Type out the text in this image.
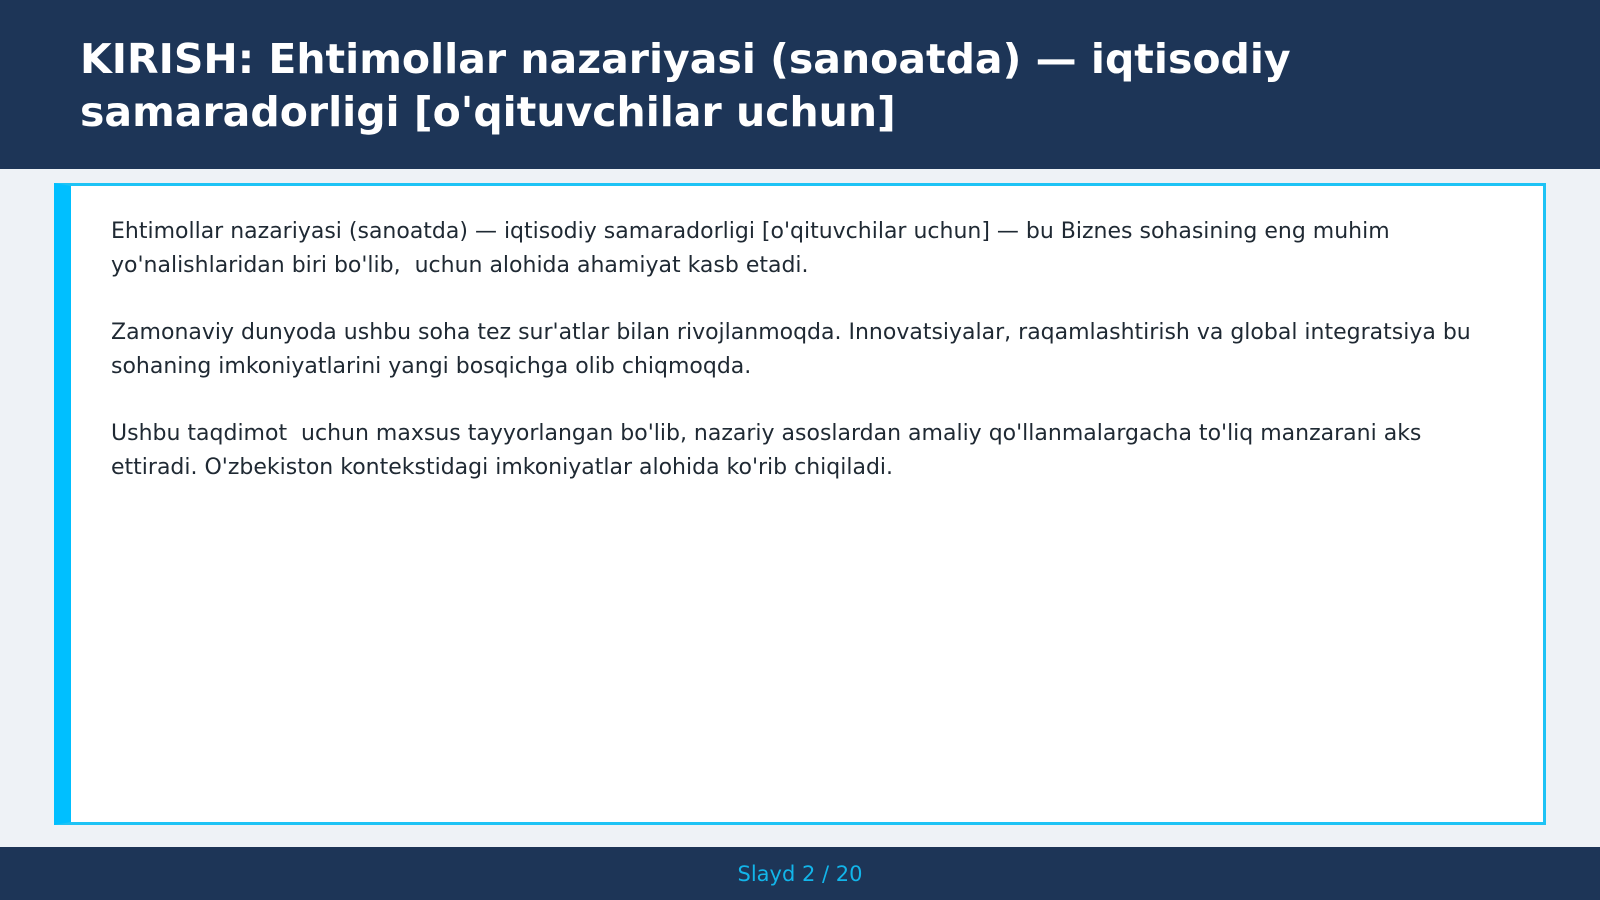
KIRISH: Ehtimollar nazariyasi (sanoatda) — iqtisodiy samaradorligi [o'qituvchilar uchun]

Ehtimollar nazariyasi (sanoatda) — iqtisodiy samaradorligi [o'qituvchilar uchun] — bu Biznes sohasining eng muhim yo'nalishlaridan biri bo'lib,  uchun alohida ahamiyat kasb etadi.

Zamonaviy dunyoda ushbu soha tez sur'atlar bilan rivojlanmoqda. Innovatsiyalar, raqamlashtirish va global integratsiya bu sohaning imkoniyatlarini yangi bosqichga olib chiqmoqda.

Ushbu taqdimot  uchun maxsus tayyorlangan bo'lib, nazariy asoslardan amaliy qo'llanmalargacha to'liq manzarani aks ettiradi. O'zbekiston kontekstidagi imkoniyatlar alohida ko'rib chiqiladi.

Slayd 2 / 20
